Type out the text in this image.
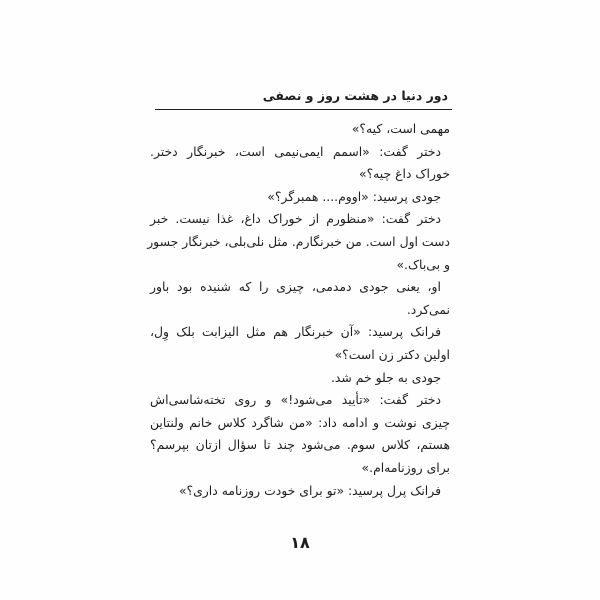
دور دنیا در هشت روز و نصفی
مهمی است، کیه؟»
دختر گفت: «اسمم ایمی‌نیمی است، خبرنگار دختر.
خوراک داغ چیه؟»
جودی پرسید: «اووم.... همبرگر؟»
دختر گفت: «منظورم از خوراک داغ، غذا نیست. خبر
دست اول است. من خبرنگارم. مثل نلی‌بلی، خبرنگار جسور
و بی‌باک.»
او، یعنی جودی دمدمی، چیزی را که شنیده بود باور
نمی‌کرد.
فرانک پرسید: «آن خبرنگار هم مثل الیزابت بلک وِل،
اولین دکتر زن است؟»
جودی به جلو خم شد.
دختر گفت: «تأیید می‌شود!» و روی تخته‌شاسی‌اش
چیزی نوشت و ادامه داد: «من شاگرد کلاس خانم ولنتاین
هستم، کلاس سوم. می‌شود چند تا سؤال ازتان بپرسم؟
برای روزنامه‌ام.»
فرانک پرل پرسید: «تو برای خودت روزنامه داری؟»
۱۸
